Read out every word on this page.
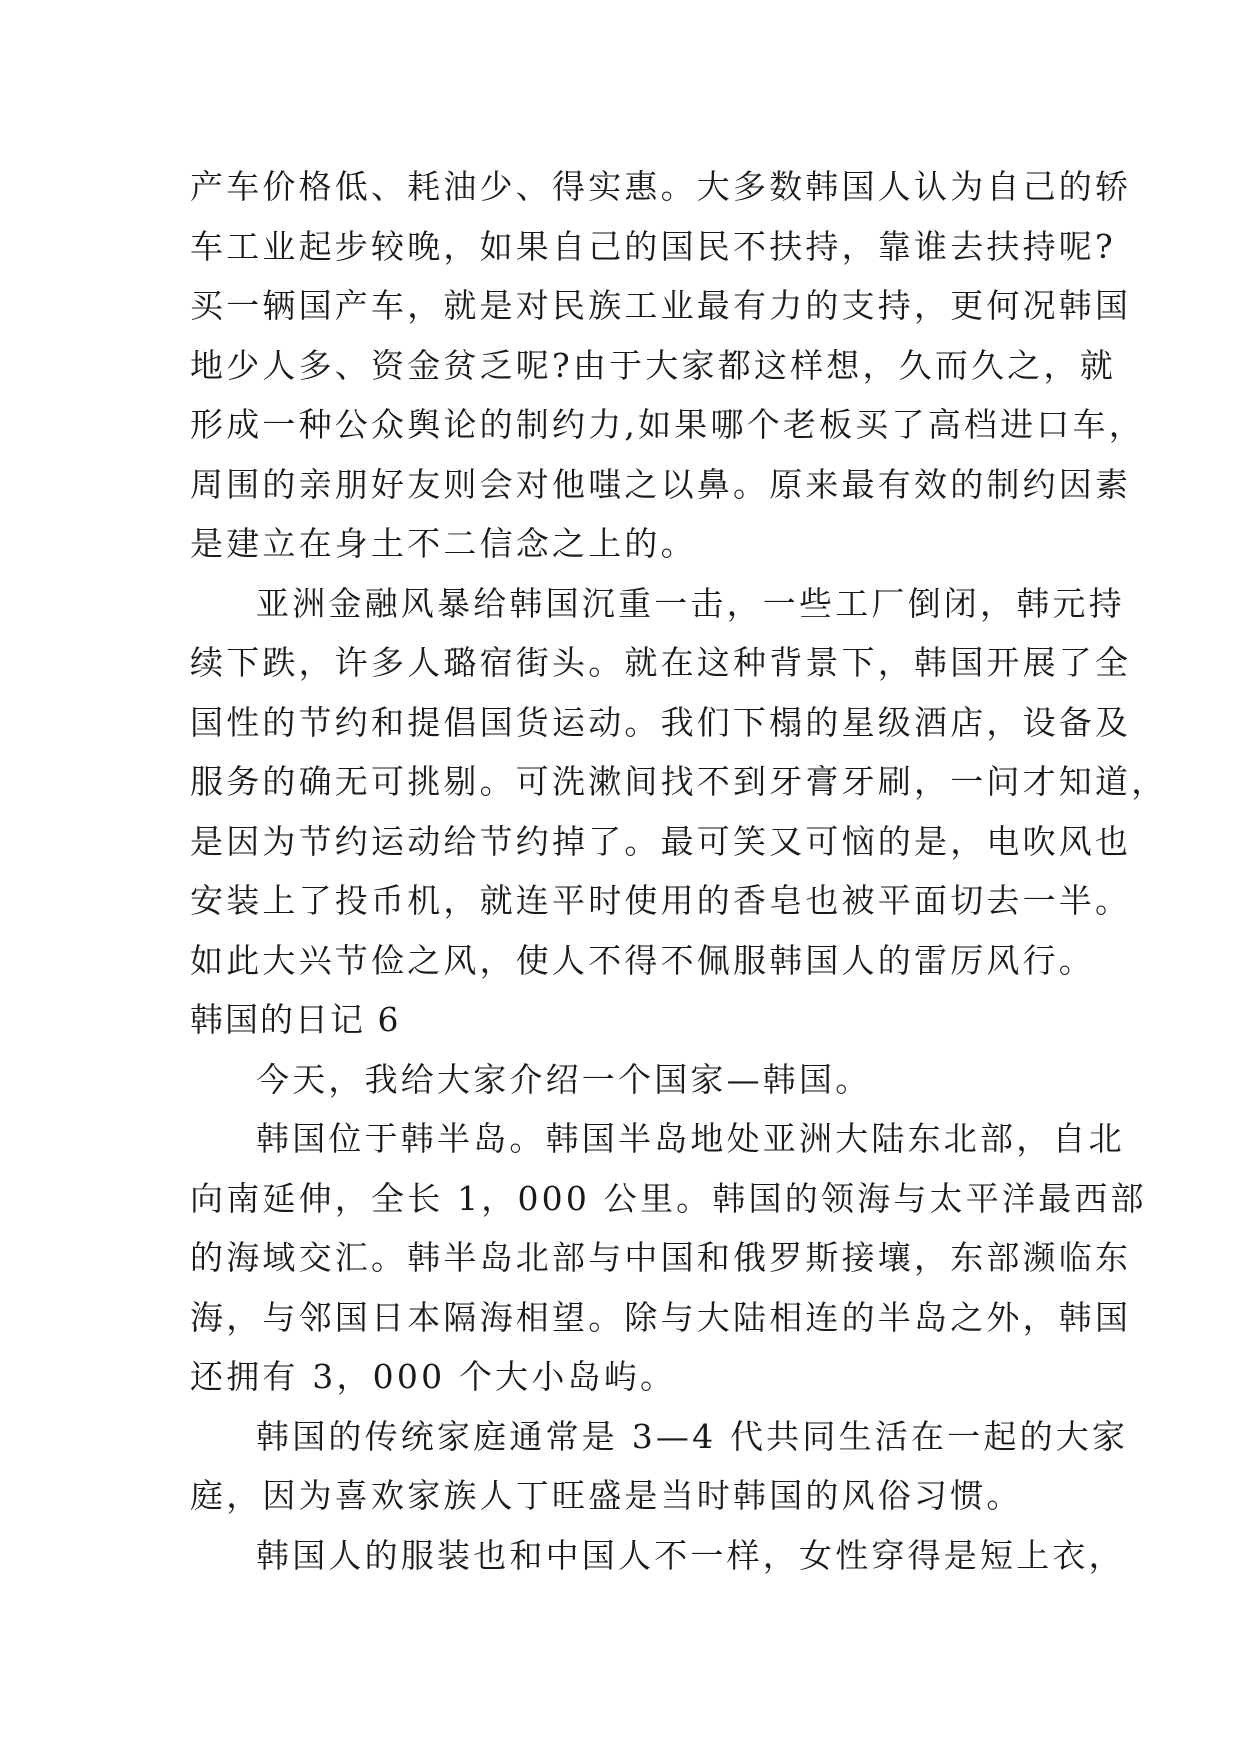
产车价格低、耗油少、得实惠。大多数韩国人认为自己的轿
车工业起步较晚，如果自己的国民不扶持，靠谁去扶持呢?
买一辆国产车，就是对民族工业最有力的支持，更何况韩国
地少人多、资金贫乏呢?由于大家都这样想，久而久之，就
形成一种公众舆论的制约力,如果哪个老板买了高档进口车，
周围的亲朋好友则会对他嗤之以鼻。原来最有效的制约因素
是建立在身土不二信念之上的。
亚洲金融风暴给韩国沉重一击，一些工厂倒闭，韩元持
续下跌，许多人璐宿街头。就在这种背景下，韩国开展了全
国性的节约和提倡国货运动。我们下榻的星级酒店，设备及
服务的确无可挑剔。可洗漱间找不到牙膏牙刷，一问才知道，
是因为节约运动给节约掉了。最可笑又可恼的是，电吹风也
安装上了投币机，就连平时使用的香皂也被平面切去一半。
如此大兴节俭之风，使人不得不佩服韩国人的雷厉风行。
韩国的日记 6
今天，我给大家介绍一个国家—韩国。
韩国位于韩半岛。韩国半岛地处亚洲大陆东北部，自北
向南延伸，全长 1，000 公里。韩国的领海与太平洋最西部
的海域交汇。韩半岛北部与中国和俄罗斯接壤，东部濒临东
海，与邻国日本隔海相望。除与大陆相连的半岛之外，韩国
还拥有 3，000 个大小岛屿。
韩国的传统家庭通常是 3—4 代共同生活在一起的大家
庭，因为喜欢家族人丁旺盛是当时韩国的风俗习惯。
韩国人的服装也和中国人不一样，女性穿得是短上衣，
